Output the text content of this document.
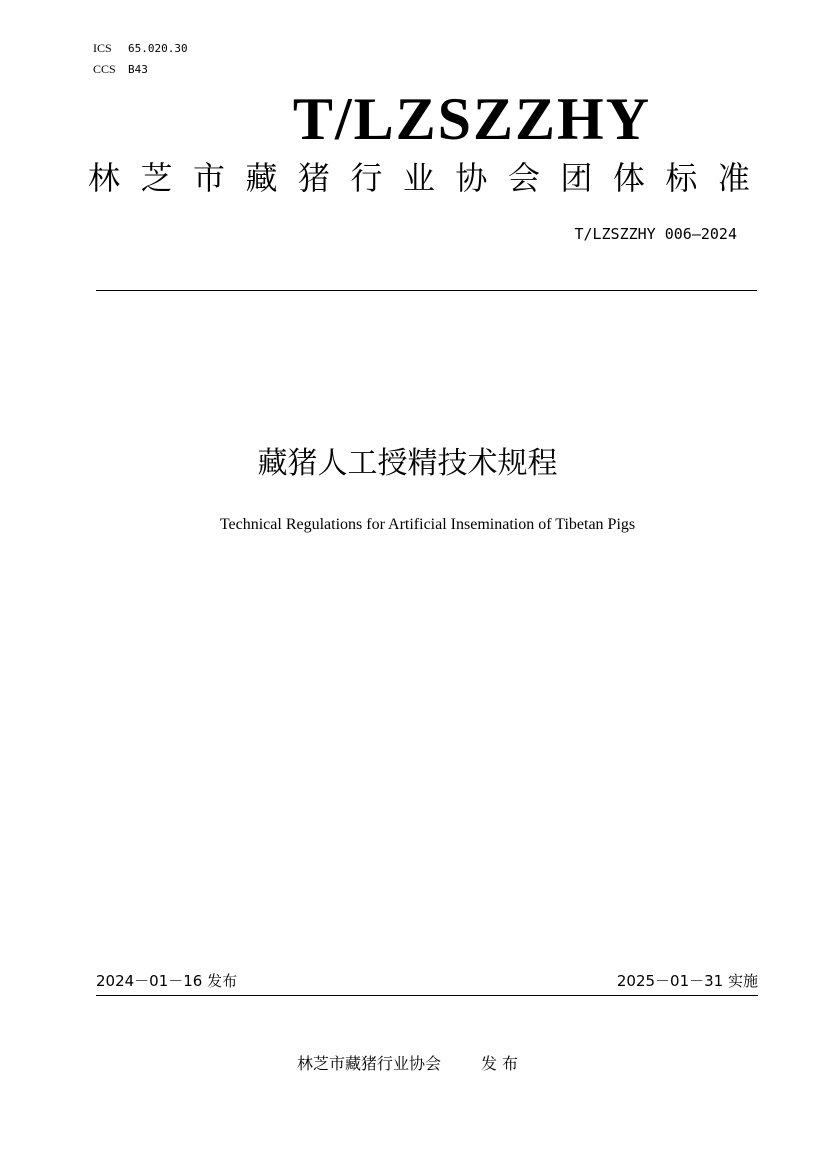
ICS 65.020.30
CCS B43
T/LZSZZHY
林 芝 市 藏 猪 行 业 协 会 团 体 标 准
T/LZSZZHY 006—2024
藏猪人工授精技术规程
Technical Regulations for Artificial Insemination of Tibetan Pigs
2024－01－16 发布	2025－01－31 实施
林芝市藏猪行业协会	发 布
